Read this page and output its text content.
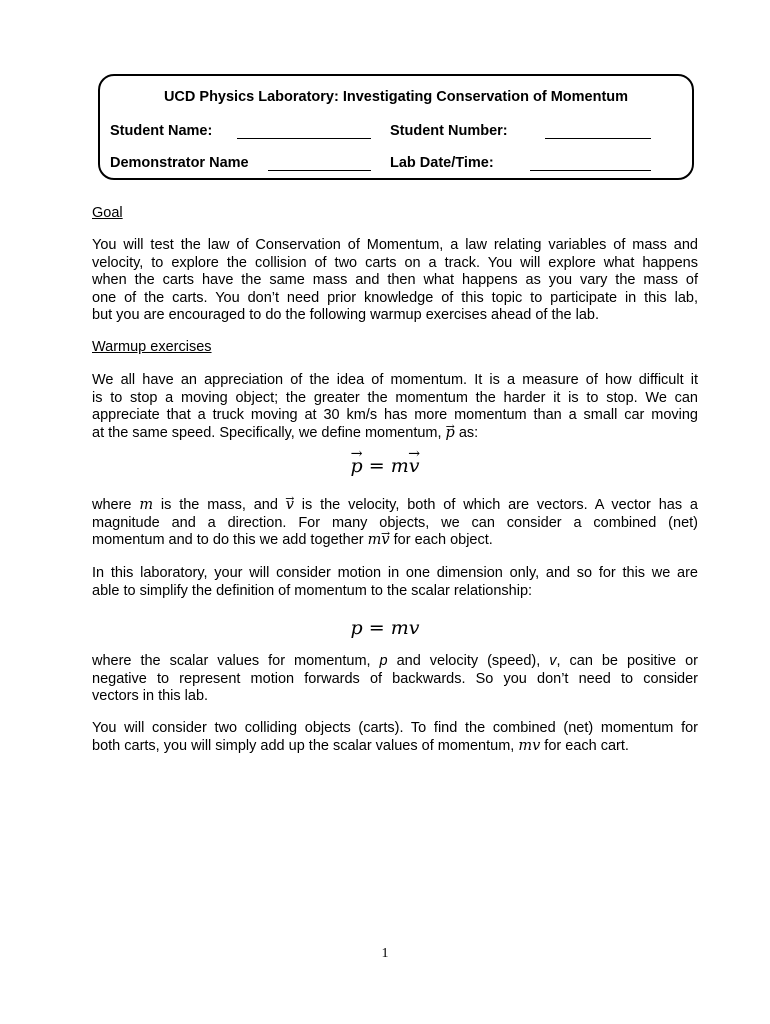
UCD Physics Laboratory: Investigating Conservation of Momentum
Student Name:	Student Number:
Demonstrator Name	Lab Date/Time:
Goal
You will test the law of Conservation of Momentum, a law relating variables of mass and
velocity, to explore the collision of two carts on a track. You will explore what happens
when the carts have the same mass and then what happens as you vary the mass of
one of the carts. You don’t need prior knowledge of this topic to participate in this lab,
but you are encouraged to do the following warmup exercises ahead of the lab.
Warmup exercises
We all have an appreciation of the idea of momentum. It is a measure of how difficult it
is to stop a moving object; the greater the momentum the harder it is to stop. We can
appreciate that a truck moving at 30 km/s has more momentum than a small car moving
at the same speed. Specifically, we define momentum, → p as:
→ p = m→ v
where m is the mass, and → v is the velocity, both of which are vectors. A vector has a
magnitude and a direction. For many objects, we can consider a combined (net)
momentum and to do this we add together m→ v for each object.
In this laboratory, your will consider motion in one dimension only, and so for this we are
able to simplify the definition of momentum to the scalar relationship:
p = mv
where the scalar values for momentum, p and velocity (speed), v, can be positive or
negative to represent motion forwards of backwards. So you don’t need to consider
vectors in this lab.
You will consider two colliding objects (carts). To find the combined (net) momentum for
both carts, you will simply add up the scalar values of momentum, mv for each cart.
1
